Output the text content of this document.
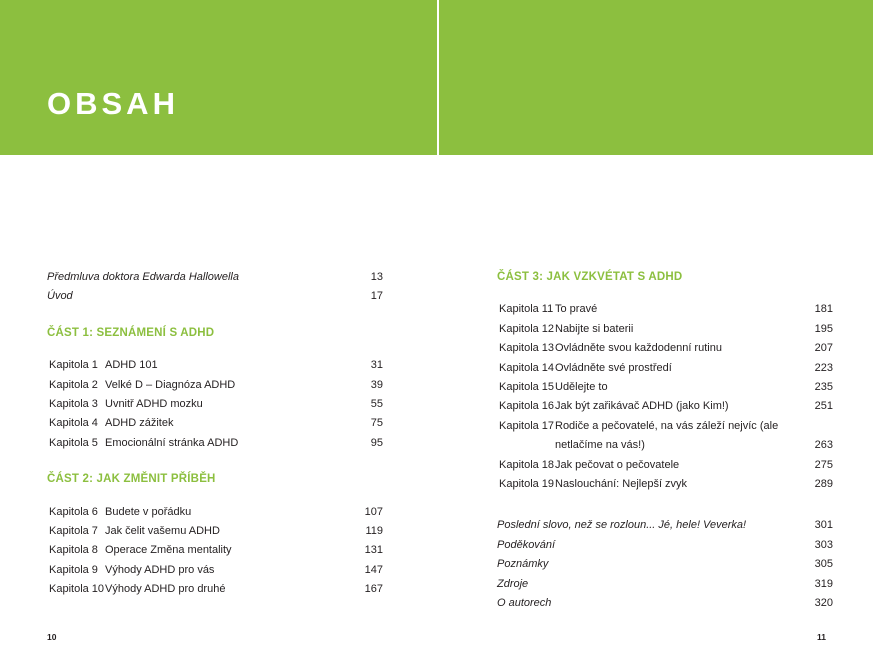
OBSAH
Předmluva doktora Edwarda Hallowella	13
Úvod	17
ČÁST 1: SEZNÁMENÍ S ADHD
Kapitola 1 ADHD 101	31
Kapitola 2 Velké D – Diagnóza ADHD	39
Kapitola 3 Uvnitř ADHD mozku	55
Kapitola 4 ADHD zážitek	75
Kapitola 5 Emocionální stránka ADHD	95
ČÁST 2: JAK ZMĚNIT PŘÍBĚH
Kapitola 6 Budete v pořádku	107
Kapitola 7 Jak čelit vašemu ADHD	119
Kapitola 8 Operace Změna mentality	131
Kapitola 9 Výhody ADHD pro vás	147
Kapitola 10 Výhody ADHD pro druhé	167
ČÁST 3: JAK VZKVÉTAT S ADHD
Kapitola 11 To pravé	181
Kapitola 12 Nabijte si baterii	195
Kapitola 13 Ovládněte svou každodenní rutinu	207
Kapitola 14 Ovládněte své prostředí	223
Kapitola 15 Udělejte to	235
Kapitola 16 Jak být zařikávač ADHD (jako Kim!)	251
Kapitola 17 Rodiče a pečovatelé, na vás záleží nejvíc (ale netlačíme na vás!)	263
Kapitola 18 Jak pečovat o pečovatele	275
Kapitola 19 Naslouchání: Nejlepší zvyk	289
Poslední slovo, než se rozloun... Jé, hele! Veverka!	301
Poděkování	303
Poznámky	305
Zdroje	319
O autorech	320
10	11
